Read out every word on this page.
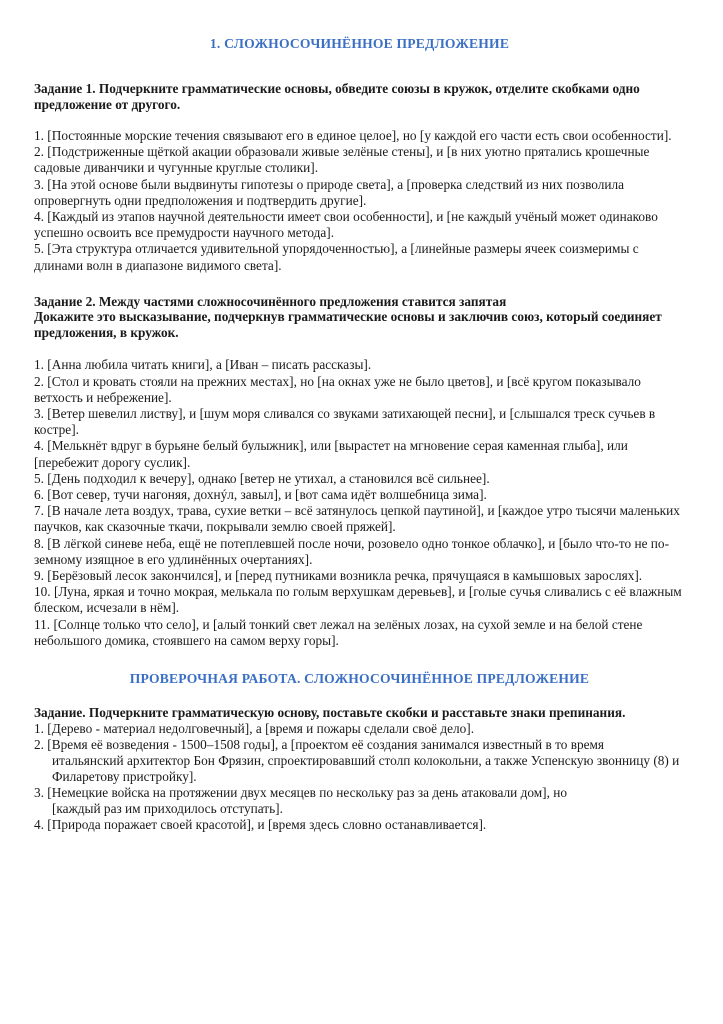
1. СЛОЖНОСОЧИНЁННОЕ ПРЕДЛОЖЕНИЕ

Задание 1. Подчеркните грамматические основы, обведите союзы в кружок, отделите скобками одно предложение от другого.

1. [Постоянные морские течения связывают его в единое целое], но [у каждой его части есть свои особенности].
2. [Подстриженные щёткой акации образовали живые зелёные стены], и [в них уютно прятались крошечные садовые диванчики и чугунные круглые столики].
3. [На этой основе были выдвинуты гипотезы о природе света], а [проверка следствий из них позволила опровергнуть одни предположения и подтвердить другие].
4. [Каждый из этапов научной деятельности имеет свои особенности], и [не каждый учёный может одинаково успешно освоить все премудрости научного метода].
5. [Эта структура отличается удивительной упорядоченностью], а [линейные размеры ячеек соизмеримы с длинами волн в диапазоне видимого света].

Задание 2. Между частями сложносочинённого предложения ставится запятая

Докажите это высказывание, подчеркнув грамматические основы и заключив союз, который соединяет предложения, в кружок.

1. [Анна любила читать книги], а [Иван – писать рассказы].
2. [Стол и кровать стояли на прежних местах], но [на окнах уже не было цветов], и [всё кругом показывало ветхость и небрежение].
3. [Ветер шевелил листву], и [шум моря сливался со звуками затихающей песни], и [слышался треск сучьев в костре].
4. [Мелькнёт вдруг в бурьяне белый булыжник], или [вырастет на мгновение серая каменная глыба], или [перебежит дорогу суслик].
5. [День подходил к вечеру], однако [ветер не утихал, а становился всё сильнее].
6. [Вот север, тучи нагоняя, дохнýл, завыл], и [вот сама идёт волшебница зима].
7. [В начале лета воздух, трава, сухие ветки – всё затянулось цепкой паутиной], и [каждое утро тысячи маленьких паучков, как сказочные ткачи, покрывали землю своей пряжей].
8. [В лёгкой синеве неба, ещё не потеплевшей после ночи, розовело одно тонкое облачко], и [было что-то не по-земному изящное в его удлинённых очертаниях].
9. [Берёзовый лесок закончился], и [перед путниками возникла речка, прячущаяся в камышовых зарослях].
10. [Луна, яркая и точно мокрая, мелькала по голым верхушкам деревьев], и [голые сучья сливались с её влажным блеском, исчезали в нём].
11. [Солнце только что село], и [алый тонкий свет лежал на зелёных лозах, на сухой земле и на белой стене небольшого домика, стоявшего на самом верху горы].
ПРОВЕРОЧНАЯ РАБОТА. СЛОЖНОСОЧИНЁННОЕ ПРЕДЛОЖЕНИЕ

Задание. Подчеркните грамматическую основу, поставьте скобки и расставьте знаки препинания.

1. [Дерево - материал недолговечный], а [время и пожары сделали своё дело].
2. [Время её возведения - 1500–1508 годы], а [проектом её создания занимался известный в то время
итальянский архитектор Бон Фрязин, спроектировавший столп колокольни, а также Успенскую звонницу (8) и Филаретову пристройку].
3. [Немецкие войска на протяжении двух месяцев по нескольку раз за день атаковали дом], но
[каждый раз им приходилось отступать].
4. [Природа поражает своей красотой], и [время здесь словно останавливается].
